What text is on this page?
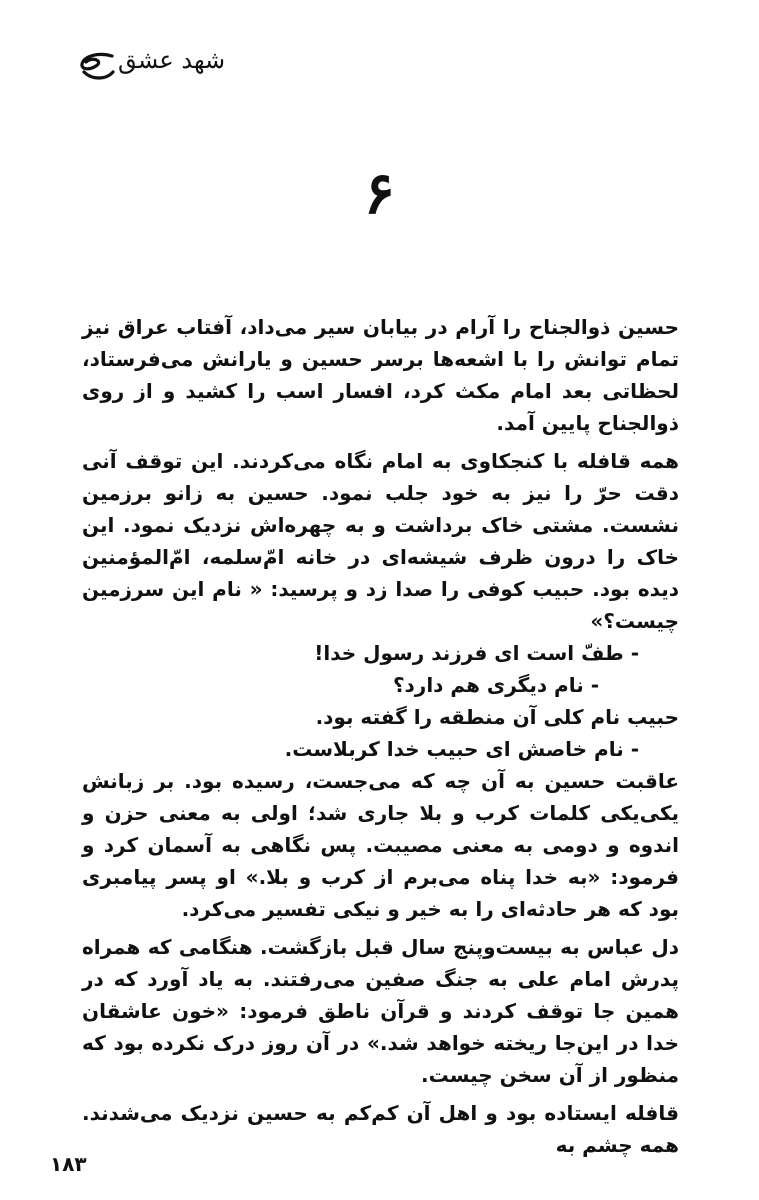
شهد عشق
۶

حسین ذوالجناح را آرام در بیابان سیر می‌داد، آفتاب عراق نیز تمام توانش را با اشعه‌ها برسر حسین و یارانش می‌فرستاد، لحظاتی بعد امام مکث کرد، افسار اسب را کشید و از روی ذوالجناح پایین آمد.

همه قافله با کنجکاوی به امام نگاه می‌کردند. این توقف آنی دقت حرّ را نیز به خود جلب نمود. حسین به زانو برزمین نشست. مشتی خاک برداشت و به چهره‌اش نزدیک نمود. این خاک را درون ظرف شیشه‌ای در خانه امّ‌سلمه، امّ‌المؤمنین دیده بود. حبیب کوفی را صدا زد و پرسید: « نام این سرزمین چیست؟»

- طفّ است ای فرزند رسول خدا!

- نام دیگری هم دارد؟

حبیب نام کلی آن منطقه را گفته بود.

- نام خاصش ای حبیب خدا کربلاست.

عاقبت حسین به آن چه که می‌جست، رسیده بود. بر زبانش یکی‌یکی کلمات کرب و بلا جاری شد؛ اولی به معنی حزن و اندوه و دومی به معنی مصیبت. پس نگاهی به آسمان کرد و فرمود: «به خدا پناه می‌برم از کرب و بلا.» او پسر پیامبری بود که هر حادثه‌ای را به خیر و نیکی تفسیر می‌کرد.

دل عباس به بیست‌وپنج سال قبل بازگشت. هنگامی که همراه پدرش امام علی به جنگ صفین می‌رفتند. به یاد آورد که در همین جا توقف کردند و قرآن ناطق فرمود: «خون عاشقان خدا در این‌جا ریخته خواهد شد.» در آن روز درک نکرده بود که منظور از آن سخن چیست.

قافله ایستاده بود و اهل آن کم‌کم به حسین نزدیک می‌شدند. همه چشم به

۱۸۳
